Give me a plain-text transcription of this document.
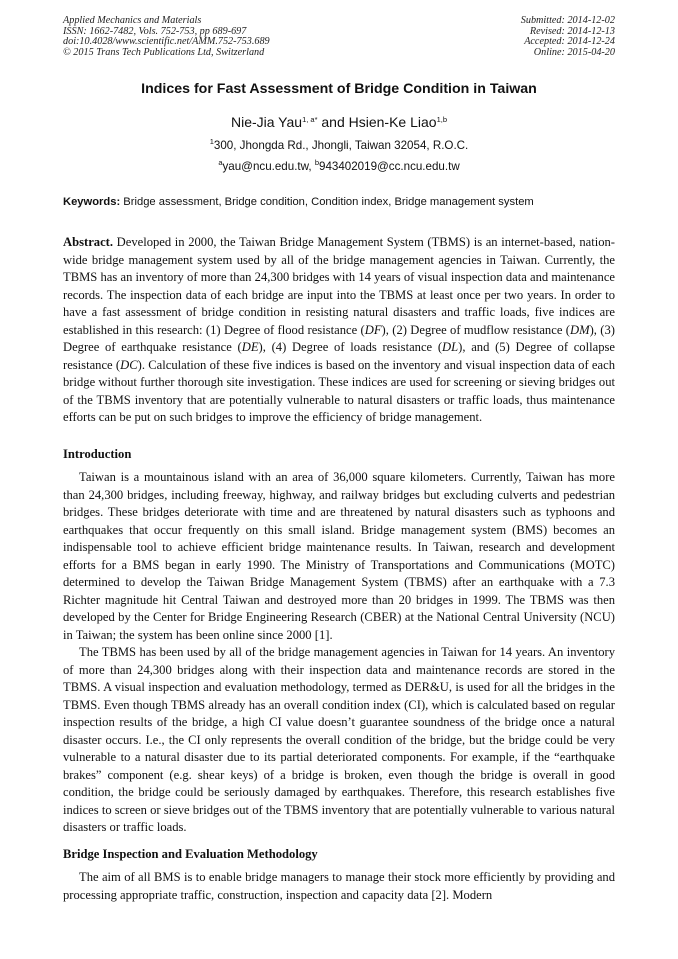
Applied Mechanics and Materials
ISSN: 1662-7482, Vols. 752-753, pp 689-697
doi:10.4028/www.scientific.net/AMM.752-753.689
© 2015 Trans Tech Publications Ltd, Switzerland
Submitted: 2014-12-02
Revised: 2014-12-13
Accepted: 2014-12-24
Online: 2015-04-20
Indices for Fast Assessment of Bridge Condition in Taiwan
Nie-Jia Yau$^{1, a*}$ and Hsien-Ke Liao$^{1,b}$
$^1$300, Jhongda Rd., Jhongli, Taiwan 32054, R.O.C.
$^a$yau@ncu.edu.tw, $^b$943402019@cc.ncu.edu.tw
Keywords: Bridge assessment, Bridge condition, Condition index, Bridge management system
Abstract. Developed in 2000, the Taiwan Bridge Management System (TBMS) is an internet-based, nation-wide bridge management system used by all of the bridge management agencies in Taiwan. Currently, the TBMS has an inventory of more than 24,300 bridges with 14 years of visual inspection data and maintenance records. The inspection data of each bridge are input into the TBMS at least once per two years. In order to have a fast assessment of bridge condition in resisting natural disasters and traffic loads, five indices are established in this research: (1) Degree of flood resistance (DF), (2) Degree of mudflow resistance (DM), (3) Degree of earthquake resistance (DE), (4) Degree of loads resistance (DL), and (5) Degree of collapse resistance (DC). Calculation of these five indices is based on the inventory and visual inspection data of each bridge without further thorough site investigation. These indices are used for screening or sieving bridges out of the TBMS inventory that are potentially vulnerable to natural disasters or traffic loads, thus maintenance efforts can be put on such bridges to improve the efficiency of bridge management.
Introduction

Taiwan is a mountainous island with an area of 36,000 square kilometers. Currently, Taiwan has more than 24,300 bridges, including freeway, highway, and railway bridges but excluding culverts and pedestrian bridges. These bridges deteriorate with time and are threatened by natural disasters such as typhoons and earthquakes that occur frequently on this small island. Bridge management system (BMS) becomes an indispensable tool to achieve efficient bridge maintenance results. In Taiwan, research and development efforts for a BMS began in early 1990. The Ministry of Transportations and Communications (MOTC) determined to develop the Taiwan Bridge Management System (TBMS) after an earthquake with a 7.3 Richter magnitude hit Central Taiwan and destroyed more than 20 bridges in 1999. The TBMS was then developed by the Center for Bridge Engineering Research (CBER) at the National Central University (NCU) in Taiwan; the system has been online since 2000 [1].

The TBMS has been used by all of the bridge management agencies in Taiwan for 14 years. An inventory of more than 24,300 bridges along with their inspection data and maintenance records are stored in the TBMS. A visual inspection and evaluation methodology, termed as DER&U, is used for all the bridges in the TBMS. Even though TBMS already has an overall condition index (CI), which is calculated based on regular inspection results of the bridge, a high CI value doesn’t guarantee soundness of the bridge once a natural disaster occurs. I.e., the CI only represents the overall condition of the bridge, but the bridge could be very vulnerable to a natural disaster due to its partial deteriorated components. For example, if the “earthquake brakes” component (e.g. shear keys) of a bridge is broken, even though the bridge is overall in good condition, the bridge could be seriously damaged by earthquakes. Therefore, this research establishes five indices to screen or sieve bridges out of the TBMS inventory that are potentially vulnerable to various natural disasters or traffic loads.

Bridge Inspection and Evaluation Methodology

The aim of all BMS is to enable bridge managers to manage their stock more efficiently by providing and processing appropriate traffic, construction, inspection and capacity data [2]. Modern
